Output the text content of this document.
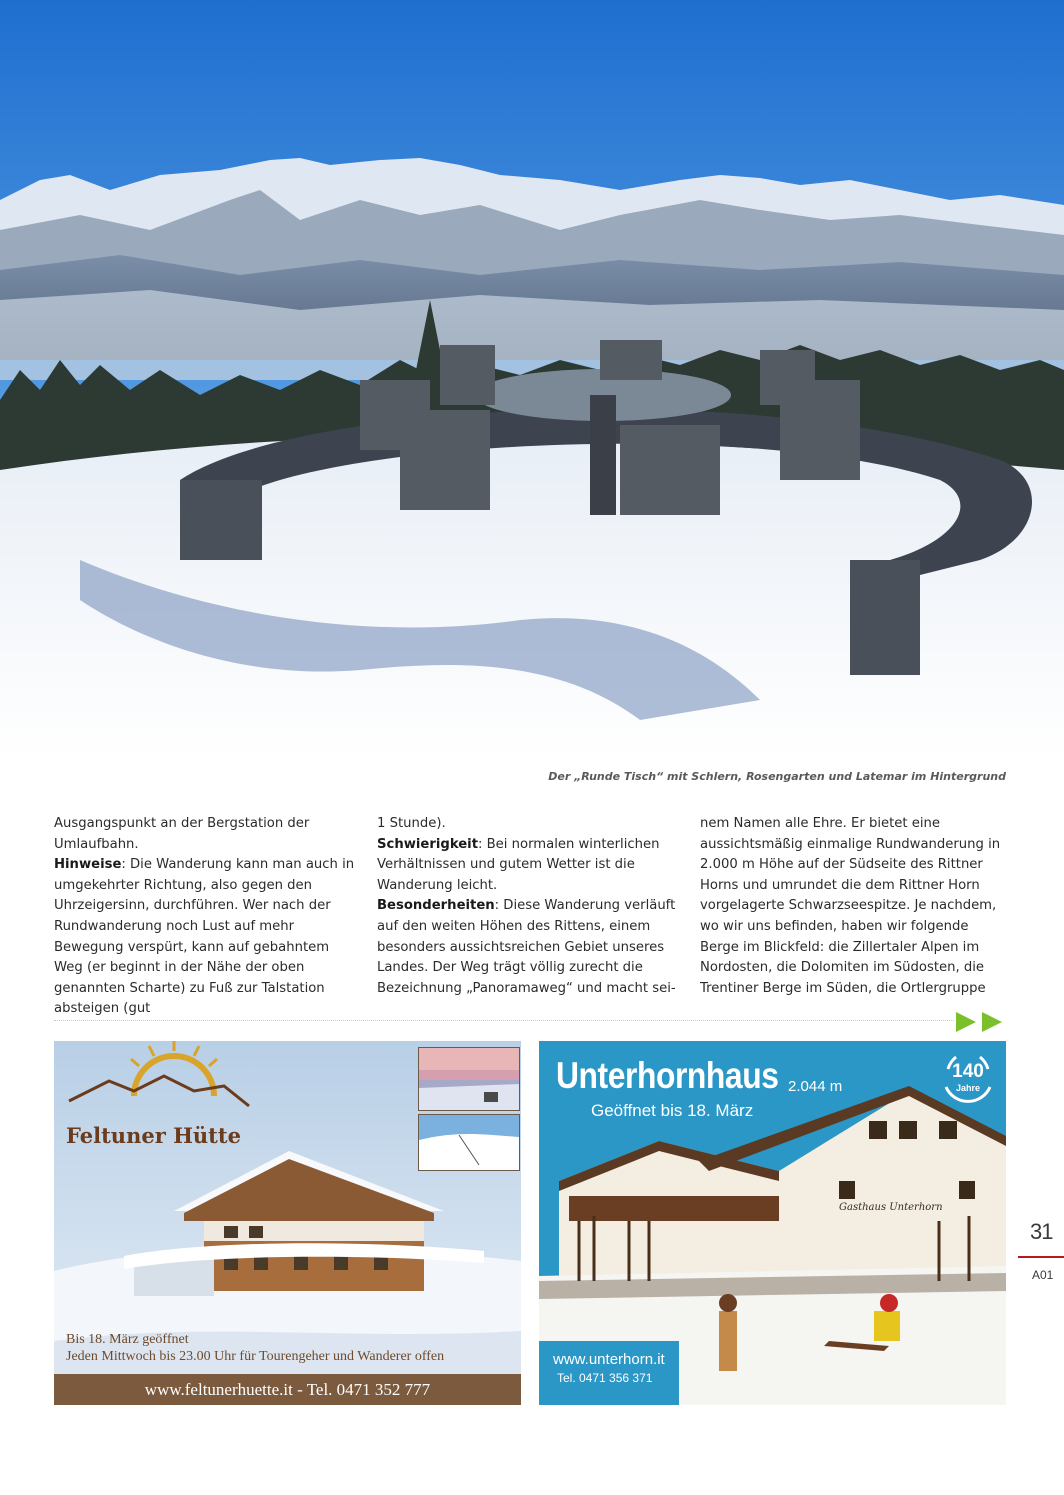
Der „Runde Tisch“ mit Schlern, Rosengarten und Latemar im Hintergrund

Ausgangspunkt an der Bergstation der Umlaufbahn.
Hinweise: Die Wanderung kann man auch in umgekehrter Richtung, also gegen den Uhrzeigersinn, durchführen. Wer nach der Rundwanderung noch Lust auf mehr Bewegung verspürt, kann auf gebahntem Weg (er beginnt in der Nähe der oben genannten Scharte) zu Fuß zur Talstation absteigen (gut

1 Stunde).
Schwierigkeit: Bei normalen winterlichen Verhältnissen und gutem Wetter ist die Wanderung leicht.
Besonderheiten: Diese Wanderung verläuft auf den weiten Höhen des Rittens, einem besonders aussichtsreichen Gebiet unseres Landes. Der Weg trägt völlig zurecht die Bezeichnung „Panoramaweg“ und macht sei-

nem Namen alle Ehre. Er bietet eine aussichtsmäßig einmalige Rundwanderung in 2.000 m Höhe auf der Südseite des Rittner Horns und umrundet die dem Rittner Horn vorgelagerte Schwarzseespitze. Je nachdem, wo wir uns befinden, haben wir folgende Berge im Blickfeld: die Zillertaler Alpen im Nordosten, die Dolomiten im Südosten, die Trentiner Berge im Süden, die Ortlergruppe

Feltuner Hütte
Bis 18. März geöffnet
Jeden Mittwoch bis 23.00 Uhr für Tourengeher und Wanderer offen
www.feltunerhuette.it - Tel. 0471 352 777
Unterhornhaus 2.044 m
Geöffnet bis 18. März
140
Jahre
Gasthaus Unterhorn
www.unterhorn.it
Tel. 0471 356 371
31
A01
